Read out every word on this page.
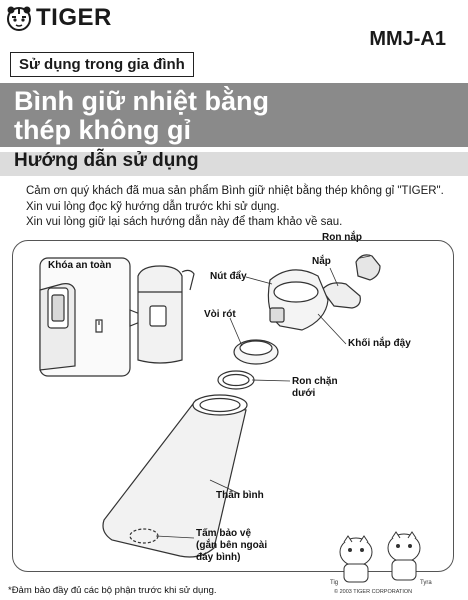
TIGER
MMJ-A1
Sử dụng trong gia đình
Bình giữ nhiệt bằng
thép không gỉ
Hướng dẫn sử dụng
Cảm ơn quý khách đã mua sản phẩm Bình giữ nhiệt bằng thép không gỉ "TIGER".
Xin vui lòng đọc kỹ hướng dẫn trước khi sử dụng.
Xin vui lòng giữ lại sách hướng dẫn này để tham khảo về sau.
Khóa an toàn
Ron nắp
Nắp
Nút đẩy
Vòi rót
Khối nắp đậy
Ron chặn
dưới
Thân bình
Tấm bảo vệ
(gắn bên ngoài
đáy bình)
*Đảm bảo đầy đủ các bộ phận trước khi sử dụng.
Tig	Tyra
© 2003 TIGER CORPORATION
